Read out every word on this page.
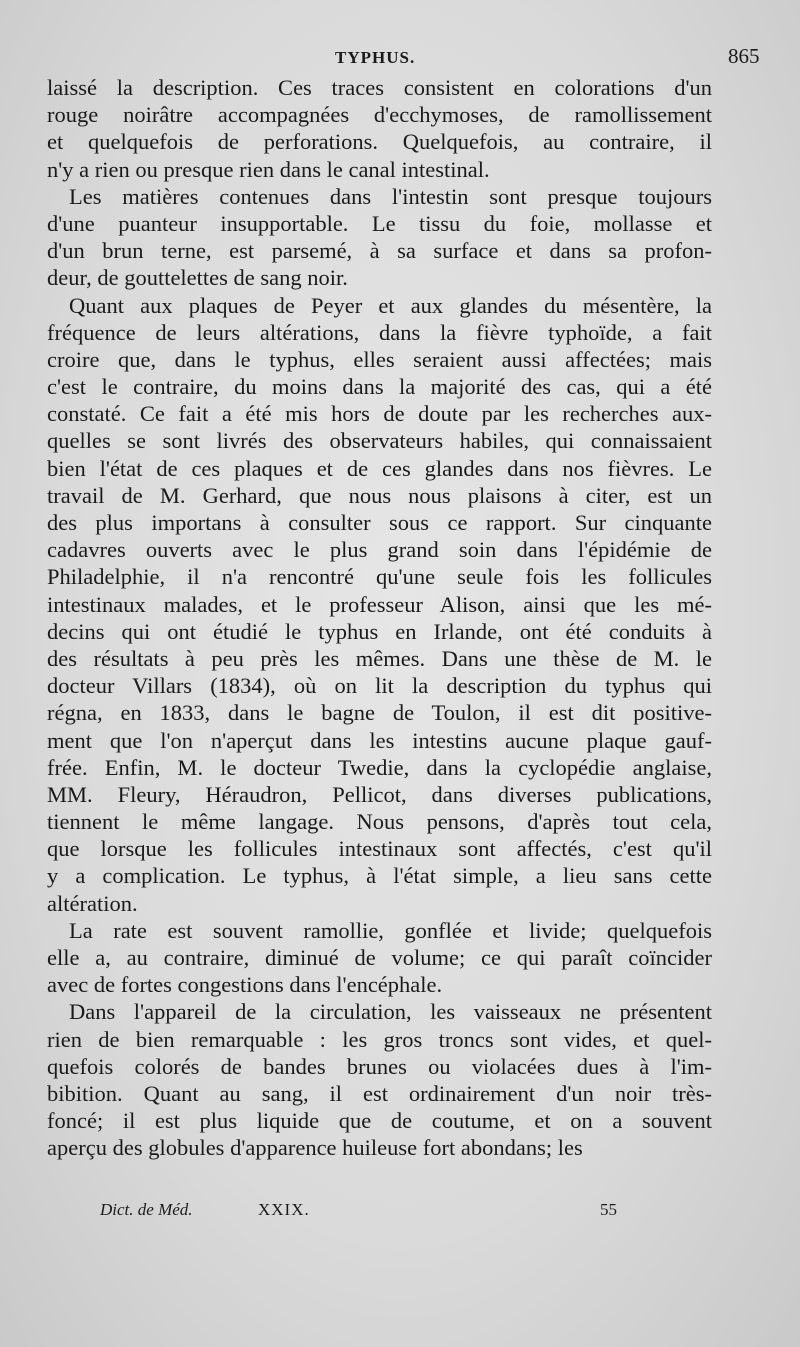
TYPHUS.	865
laissé la description. Ces traces consistent en colorations d'un
rouge noirâtre accompagnées d'ecchymoses, de ramollissement
et quelquefois de perforations. Quelquefois, au contraire, il
n'y a rien ou presque rien dans le canal intestinal.
Les matières contenues dans l'intestin sont presque toujours
d'une puanteur insupportable. Le tissu du foie, mollasse et
d'un brun terne, est parsemé, à sa surface et dans sa profon-
deur, de gouttelettes de sang noir.
Quant aux plaques de Peyer et aux glandes du mésentère, la
fréquence de leurs altérations, dans la fièvre typhoïde, a fait
croire que, dans le typhus, elles seraient aussi affectées; mais
c'est le contraire, du moins dans la majorité des cas, qui a été
constaté. Ce fait a été mis hors de doute par les recherches aux-
quelles se sont livrés des observateurs habiles, qui connaissaient
bien l'état de ces plaques et de ces glandes dans nos fièvres. Le
travail de M. Gerhard, que nous nous plaisons à citer, est un
des plus importans à consulter sous ce rapport. Sur cinquante
cadavres ouverts avec le plus grand soin dans l'épidémie de
Philadelphie, il n'a rencontré qu'une seule fois les follicules
intestinaux malades, et le professeur Alison, ainsi que les mé-
decins qui ont étudié le typhus en Irlande, ont été conduits à
des résultats à peu près les mêmes. Dans une thèse de M. le
docteur Villars (1834), où on lit la description du typhus qui
régna, en 1833, dans le bagne de Toulon, il est dit positive-
ment que l'on n'aperçut dans les intestins aucune plaque gauf-
frée. Enfin, M. le docteur Twedie, dans la cyclopédie anglaise,
MM. Fleury, Héraudron, Pellicot, dans diverses publications,
tiennent le même langage. Nous pensons, d'après tout cela,
que lorsque les follicules intestinaux sont affectés, c'est qu'il
y a complication. Le typhus, à l'état simple, a lieu sans cette
altération.
La rate est souvent ramollie, gonflée et livide; quelquefois
elle a, au contraire, diminué de volume; ce qui paraît coïncider
avec de fortes congestions dans l'encéphale.
Dans l'appareil de la circulation, les vaisseaux ne présentent
rien de bien remarquable : les gros troncs sont vides, et quel-
quefois colorés de bandes brunes ou violacées dues à l'im-
bibition. Quant au sang, il est ordinairement d'un noir très-
foncé; il est plus liquide que de coutume, et on a souvent
aperçu des globules d'apparence huileuse fort abondans; les
Dict. de Méd.	XXIX.	55
